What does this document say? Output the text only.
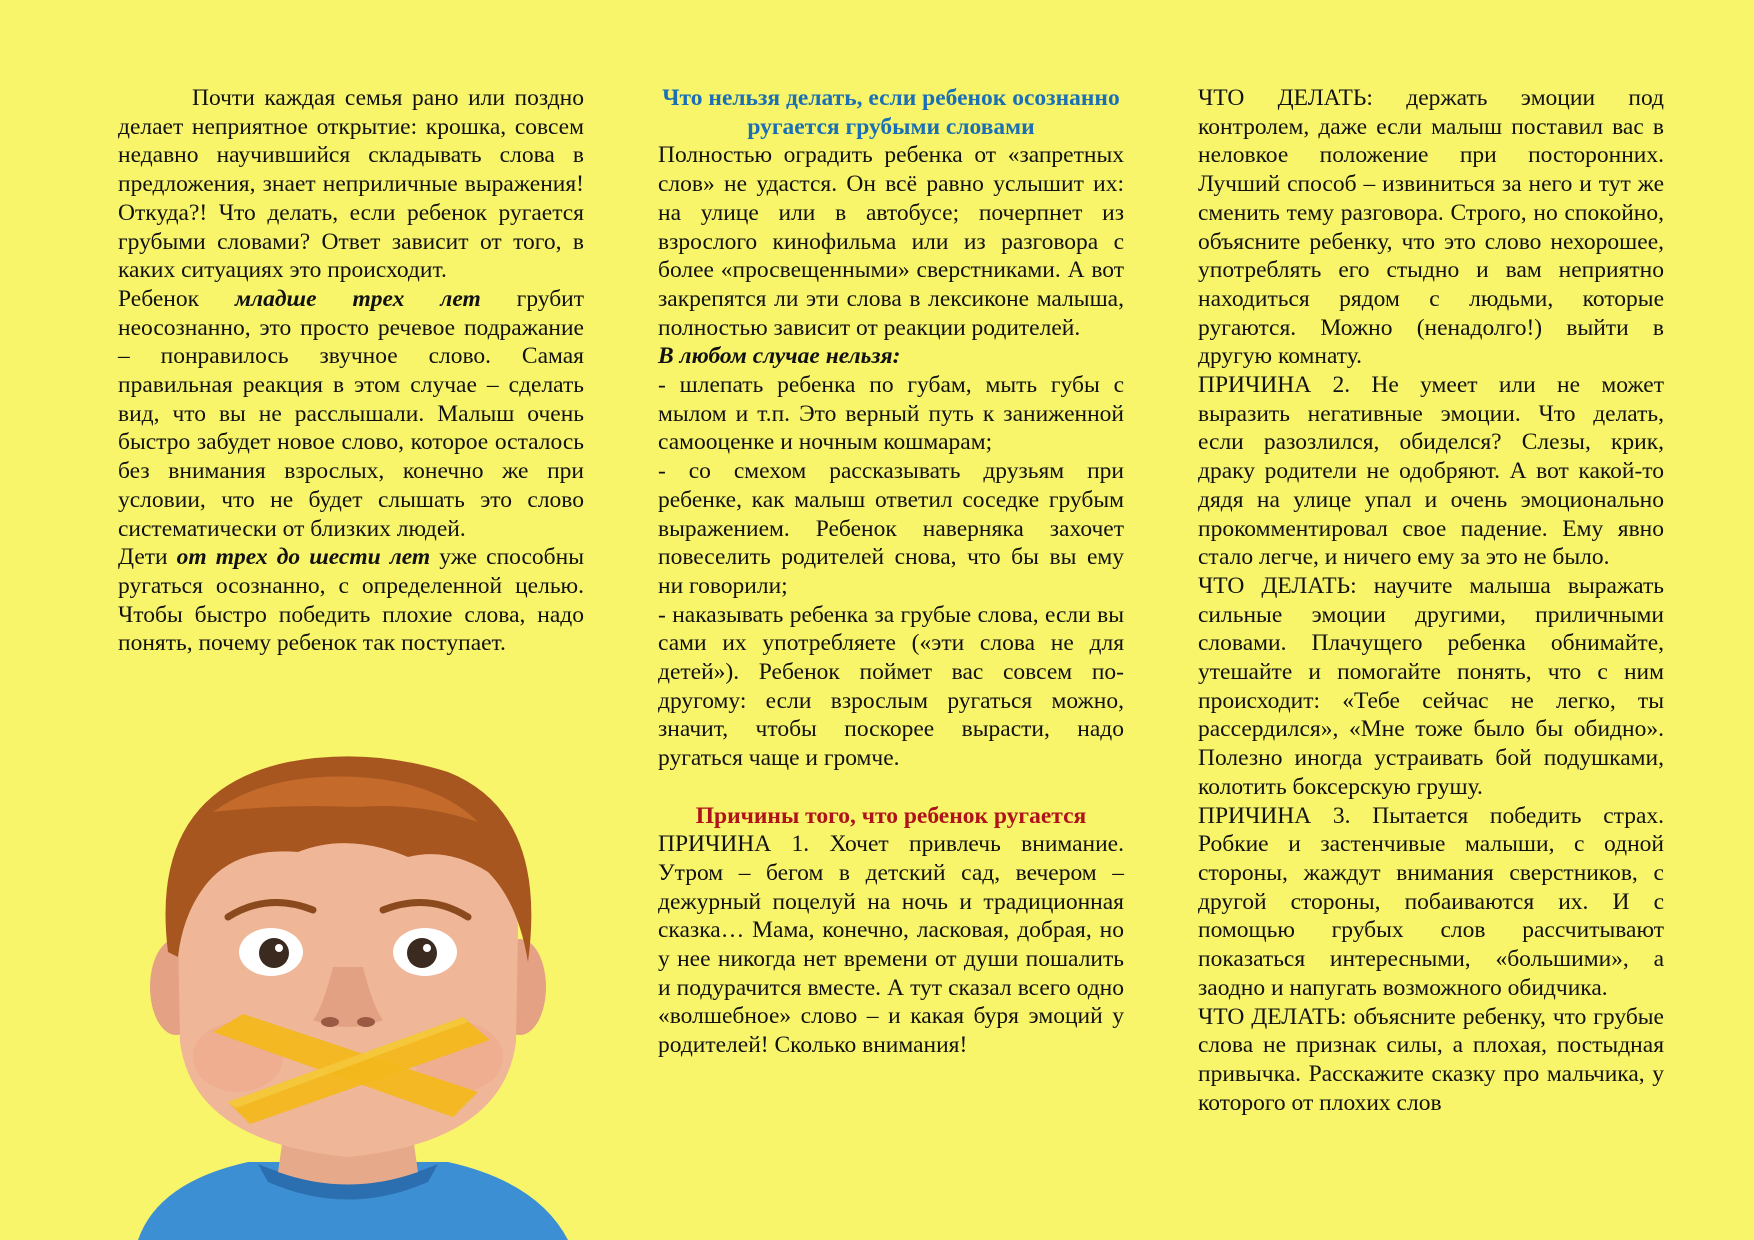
Почти каждая семья рано или поздно делает неприятное открытие: крошка, совсем недавно научившийся складывать слова в предложения, знает неприличные выражения! Откуда?! Что делать, если ребенок ругается грубыми словами? Ответ зависит от того, в каких ситуациях это происходит.

Ребенок младше трех лет грубит неосознанно, это просто речевое подражание – понравилось звучное слово. Самая правильная реакция в этом случае – сделать вид, что вы не расслышали. Малыш очень быстро забудет новое слово, которое осталось без внимания взрослых, конечно же при условии, что не будет слышать это слово систематически от близких людей.

Дети от трех до шести лет уже способны ругаться осознанно, с определенной целью. Чтобы быстро победить плохие слова, надо понять, почему ребенок так поступает.

Что нельзя делать, если ребенок осознанно ругается грубыми словами

Полностью оградить ребенка от «запретных слов» не удастся. Он всё равно услышит их: на улице или в автобусе; почерпнет из взрослого кинофильма или из разговора с более «просвещенными» сверстниками. А вот закрепятся ли эти слова в лексиконе малыша, полностью зависит от реакции родителей.

В любом случае нельзя:

- шлепать ребенка по губам, мыть губы с мылом и т.п. Это верный путь к заниженной самооценке и ночным кошмарам;

- со смехом рассказывать друзьям при ребенке, как малыш ответил соседке грубым выражением. Ребенок наверняка захочет повеселить родителей снова, что бы вы ему ни говорили;

- наказывать ребенка за грубые слова, если вы сами их употребляете («эти слова не для детей»). Ребенок поймет вас совсем по-другому: если взрослым ругаться можно, значит, чтобы поскорее вырасти, надо ругаться чаще и громче.

Причины того, что ребенок ругается

ПРИЧИНА 1. Хочет привлечь внимание. Утром – бегом в детский сад, вечером – дежурный поцелуй на ночь и традиционная сказка… Мама, конечно, ласковая, добрая, но у нее никогда нет времени от души пошалить и подурачится вместе. А тут сказал всего одно «волшебное» слово – и какая буря эмоций у родителей! Сколько внимания!

ЧТО ДЕЛАТЬ: держать эмоции под контролем, даже если малыш поставил вас в неловкое положение при посторонних. Лучший способ – извиниться за него и тут же сменить тему разговора. Строго, но спокойно, объясните ребенку, что это слово нехорошее, употреблять его стыдно и вам неприятно находиться рядом с людьми, которые ругаются. Можно (ненадолго!) выйти в другую комнату.

ПРИЧИНА 2. Не умеет или не может выразить негативные эмоции. Что делать, если разозлился, обиделся? Слезы, крик, драку родители не одобряют. А вот какой-то дядя на улице упал и очень эмоционально прокомментировал свое падение. Ему явно стало легче, и ничего ему за это не было.

ЧТО ДЕЛАТЬ: научите малыша выражать сильные эмоции другими, приличными словами. Плачущего ребенка обнимайте, утешайте и помогайте понять, что с ним происходит: «Тебе сейчас не легко, ты рассердился», «Мне тоже было бы обидно». Полезно иногда устраивать бой подушками, колотить боксерскую грушу.

ПРИЧИНА 3. Пытается победить страх. Робкие и застенчивые малыши, с одной стороны, жаждут внимания сверстников, с другой стороны, побаиваются их. И с помощью грубых слов рассчитывают показаться интересными, «большими», а заодно и напугать возможного обидчика.

ЧТО ДЕЛАТЬ: объясните ребенку, что грубые слова не признак силы, а плохая, постыдная привычка. Расскажите сказку про мальчика, у которого от плохих слов
